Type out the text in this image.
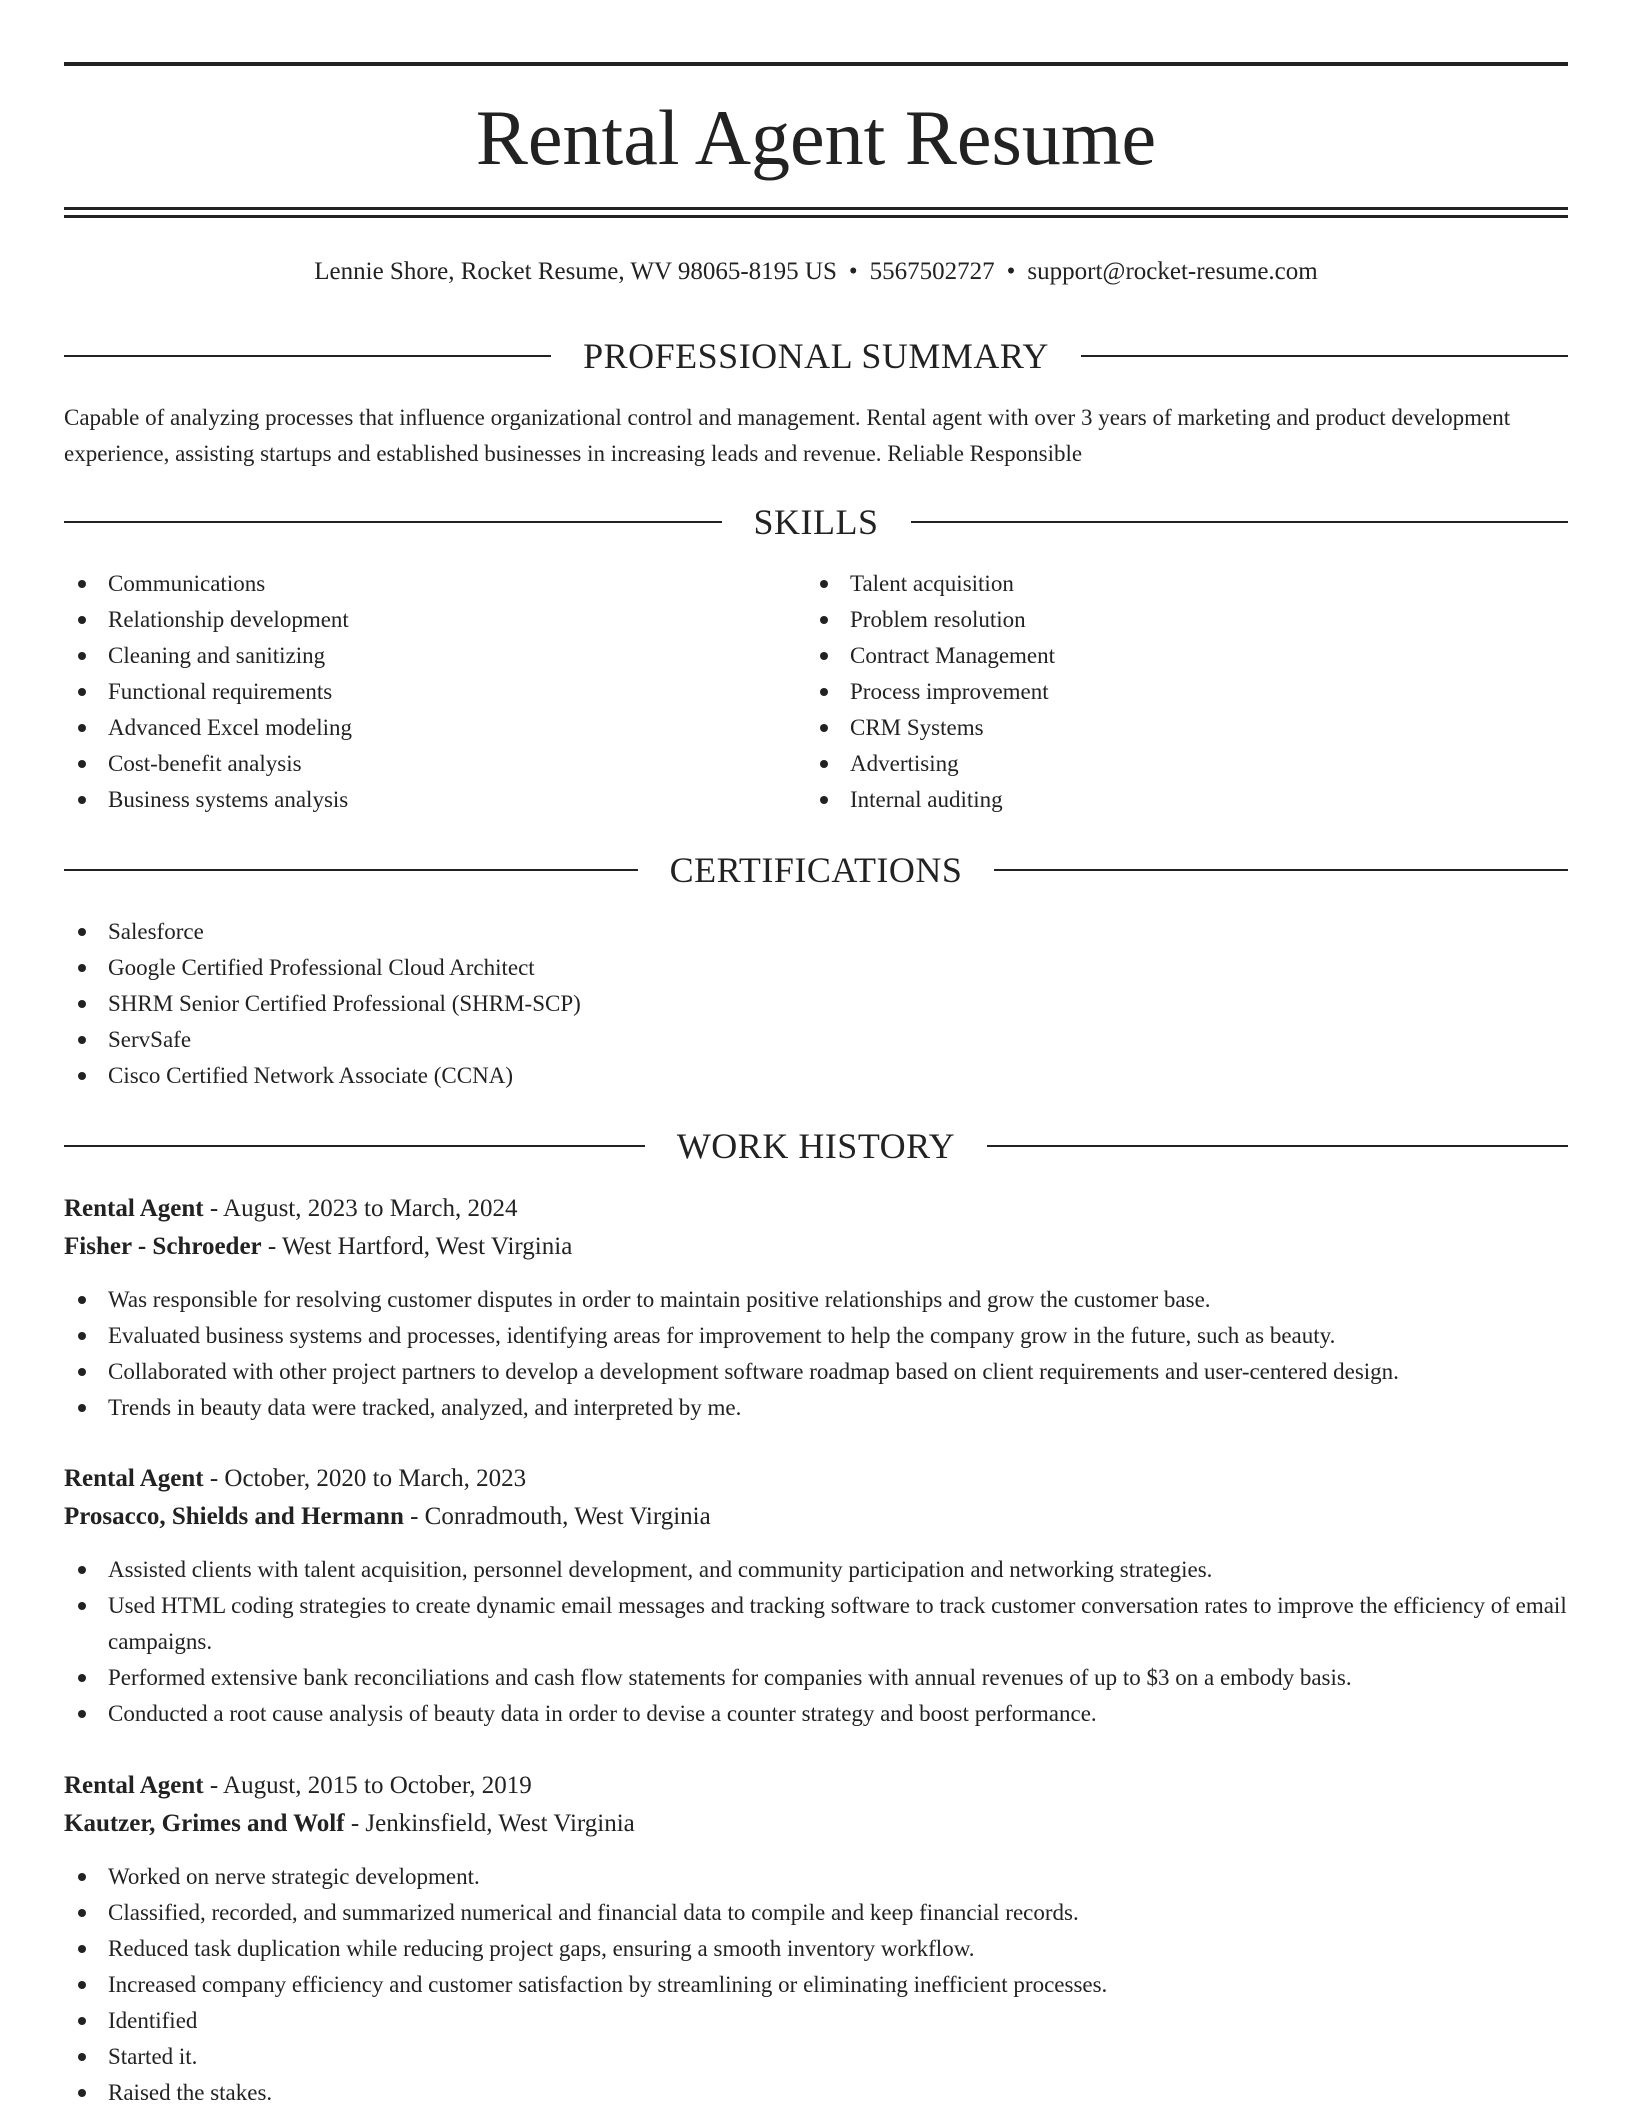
Rental Agent Resume
Lennie Shore, Rocket Resume, WV 98065-8195 US • 5567502727 • support@rocket-resume.com
PROFESSIONAL SUMMARY

Capable of analyzing processes that influence organizational control and management. Rental agent with over 3 years of marketing and product development experience, assisting startups and established businesses in increasing leads and revenue. Reliable Responsible

SKILLS
Communications
Relationship development
Cleaning and sanitizing
Functional requirements
Advanced Excel modeling
Cost-benefit analysis
Business systems analysis
Talent acquisition
Problem resolution
Contract Management
Process improvement
CRM Systems
Advertising
Internal auditing
CERTIFICATIONS
Salesforce
Google Certified Professional Cloud Architect
SHRM Senior Certified Professional (SHRM-SCP)
ServSafe
Cisco Certified Network Associate (CCNA)
WORK HISTORY
Rental Agent - August, 2023 to March, 2024
Fisher - Schroeder - West Hartford, West Virginia
Was responsible for resolving customer disputes in order to maintain positive relationships and grow the customer base.
Evaluated business systems and processes, identifying areas for improvement to help the company grow in the future, such as beauty.
Collaborated with other project partners to develop a development software roadmap based on client requirements and user-centered design.
Trends in beauty data were tracked, analyzed, and interpreted by me.
Rental Agent - October, 2020 to March, 2023
Prosacco, Shields and Hermann - Conradmouth, West Virginia
Assisted clients with talent acquisition, personnel development, and community participation and networking strategies.
Used HTML coding strategies to create dynamic email messages and tracking software to track customer conversation rates to improve the efficiency of email campaigns.
Performed extensive bank reconciliations and cash flow statements for companies with annual revenues of up to $3 on a embody basis.
Conducted a root cause analysis of beauty data in order to devise a counter strategy and boost performance.
Rental Agent - August, 2015 to October, 2019
Kautzer, Grimes and Wolf - Jenkinsfield, West Virginia
Worked on nerve strategic development.
Classified, recorded, and summarized numerical and financial data to compile and keep financial records.
Reduced task duplication while reducing project gaps, ensuring a smooth inventory workflow.
Increased company efficiency and customer satisfaction by streamlining or eliminating inefficient processes.
Identified
Started it.
Raised the stakes.
